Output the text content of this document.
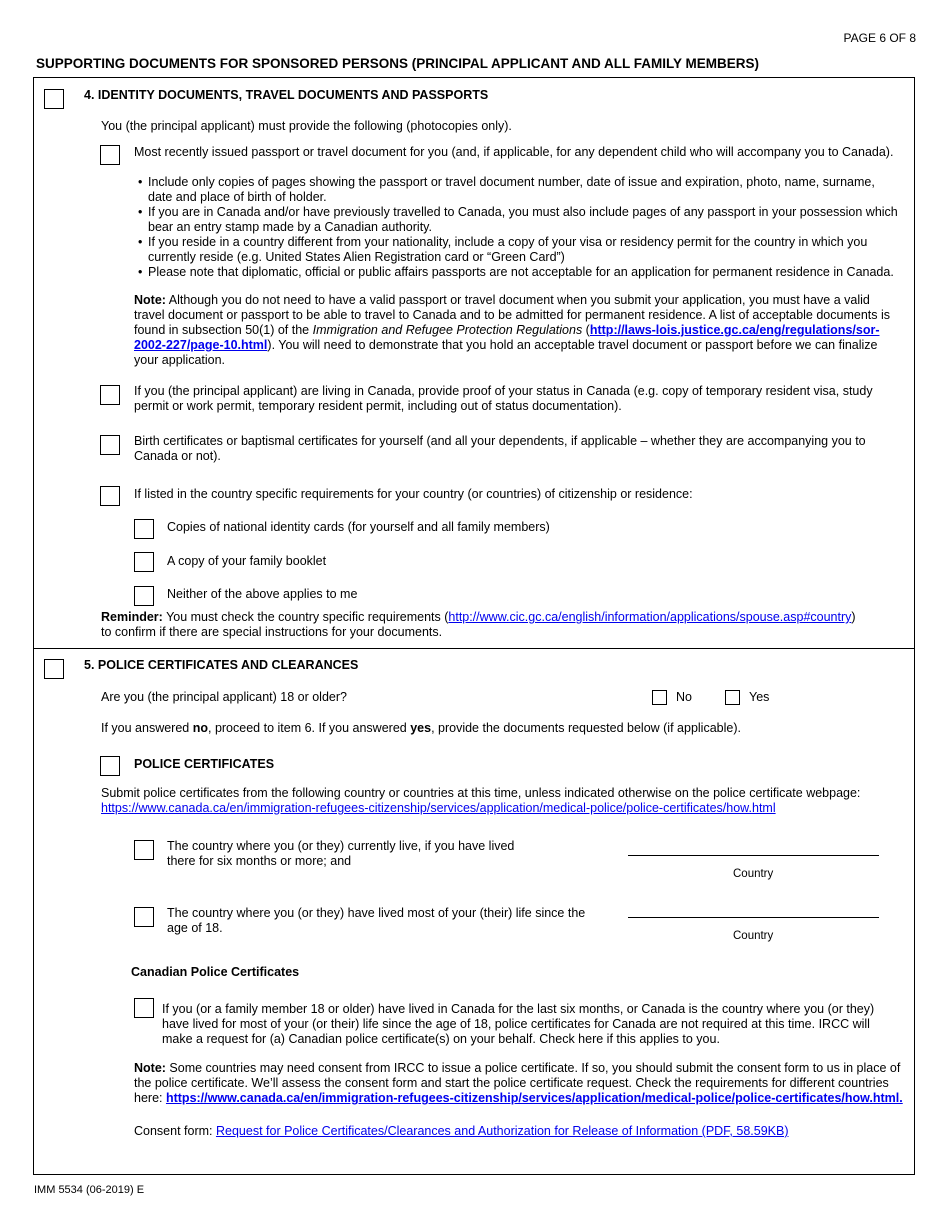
PAGE 6 OF 8
SUPPORTING DOCUMENTS FOR SPONSORED PERSONS (PRINCIPAL APPLICANT AND ALL FAMILY MEMBERS)
4. IDENTITY DOCUMENTS, TRAVEL DOCUMENTS AND PASSPORTS

You (the principal applicant) must provide the following (photocopies only).

Most recently issued passport or travel document for you (and, if applicable, for any dependent child who will accompany you to Canada).

• Include only copies of pages showing the passport or travel document number, date of issue and expiration, photo, name, surname, date and place of birth of holder.
• If you are in Canada and/or have previously travelled to Canada, you must also include pages of any passport in your possession which bear an entry stamp made by a Canadian authority.
• If you reside in a country different from your nationality, include a copy of your visa or residency permit for the country in which you currently reside (e.g. United States Alien Registration card or “Green Card”)
• Please note that diplomatic, official or public affairs passports are not acceptable for an application for permanent residence in Canada.

Note: Although you do not need to have a valid passport or travel document when you submit your application, you must have a valid travel document or passport to be able to travel to Canada and to be admitted for permanent residence. A list of acceptable documents is found in subsection 50(1) of the Immigration and Refugee Protection Regulations (http://laws-lois.justice.gc.ca/eng/regulations/sor-2002-227/page-10.html). You will need to demonstrate that you hold an acceptable travel document or passport before we can finalize your application.

If you (the principal applicant) are living in Canada, provide proof of your status in Canada (e.g. copy of temporary resident visa, study permit or work permit, temporary resident permit, including out of status documentation).

Birth certificates or baptismal certificates for yourself (and all your dependents, if applicable – whether they are accompanying you to Canada or not).

If listed in the country specific requirements for your country (or countries) of citizenship or residence:

Copies of national identity cards (for yourself and all family members)

A copy of your family booklet

Neither of the above applies to me

Reminder: You must check the country specific requirements (http://www.cic.gc.ca/english/information/applications/spouse.asp#country)
to confirm if there are special instructions for your documents.

5. POLICE CERTIFICATES AND CLEARANCES

Are you (the principal applicant) 18 or older?	No	Yes

If you answered no, proceed to item 6. If you answered yes, provide the documents requested below (if applicable).

POLICE CERTIFICATES

Submit police certificates from the following country or countries at this time, unless indicated otherwise on the police certificate webpage:
https://www.canada.ca/en/immigration-refugees-citizenship/services/application/medical-police/police-certificates/how.html

The country where you (or they) currently live, if you have lived there for six months or more; and

Country

The country where you (or they) have lived most of your (their) life since the age of 18.

Country

Canadian Police Certificates

If you (or a family member 18 or older) have lived in Canada for the last six months, or Canada is the country where you (or they) have lived for most of your (or their) life since the age of 18, police certificates for Canada are not required at this time. IRCC will make a request for (a) Canadian police certificate(s) on your behalf. Check here if this applies to you.

Note: Some countries may need consent from IRCC to issue a police certificate. If so, you should submit the consent form to us in place of the police certificate. We’ll assess the consent form and start the police certificate request. Check the requirements for different countries here: https://www.canada.ca/en/immigration-refugees-citizenship/services/application/medical-police/police-certificates/how.html.

Consent form: Request for Police Certificates/Clearances and Authorization for Release of Information (PDF, 58.59KB)

IMM 5534 (06-2019) E
